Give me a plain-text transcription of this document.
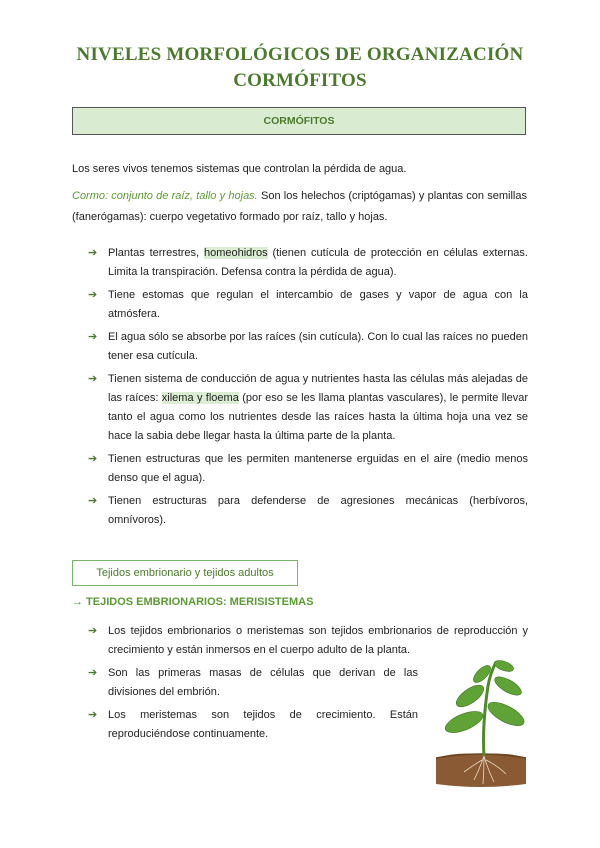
NIVELES MORFOLÓGICOS DE ORGANIZACIÓN
CORMÓFITOS
CORMÓFITOS
Los seres vivos tenemos sistemas que controlan la pérdida de agua.
Cormo: conjunto de raíz, tallo y hojas. Son los helechos (criptógamas) y plantas con semillas (fanerógamas): cuerpo vegetativo formado por raíz, tallo y hojas.
➔ Plantas terrestres, homeohidros (tienen cutícula de protección en células externas. Limita la transpiración. Defensa contra la pérdida de agua).
➔ Tiene estomas que regulan el intercambio de gases y vapor de agua con la atmósfera.
➔ El agua sólo se absorbe por las raíces (sin cutícula). Con lo cual las raíces no pueden tener esa cutícula.
➔ Tienen sistema de conducción de agua y nutrientes hasta las células más alejadas de las raíces: xilema y floema (por eso se les llama plantas vasculares), le permite llevar tanto el agua como los nutrientes desde las raíces hasta la última hoja una vez se hace la sabia debe llegar hasta la última parte de la planta.
➔ Tienen estructuras que les permiten mantenerse erguidas en el aire (medio menos denso que el agua).
➔ Tienen estructuras para defenderse de agresiones mecánicas (herbívoros, omnívoros).
Tejidos embrionario y tejidos adultos
→ TEJIDOS EMBRIONARIOS: MERISISTEMAS
➔ Los tejidos embrionarios o meristemas son tejidos embrionarios de reproducción y crecimiento y están inmersos en el cuerpo adulto de la planta.
➔ Son las primeras masas de células que derivan de las divisiones del embrión.
➔ Los meristemas son tejidos de crecimiento. Están reproduciéndose continuamente.
